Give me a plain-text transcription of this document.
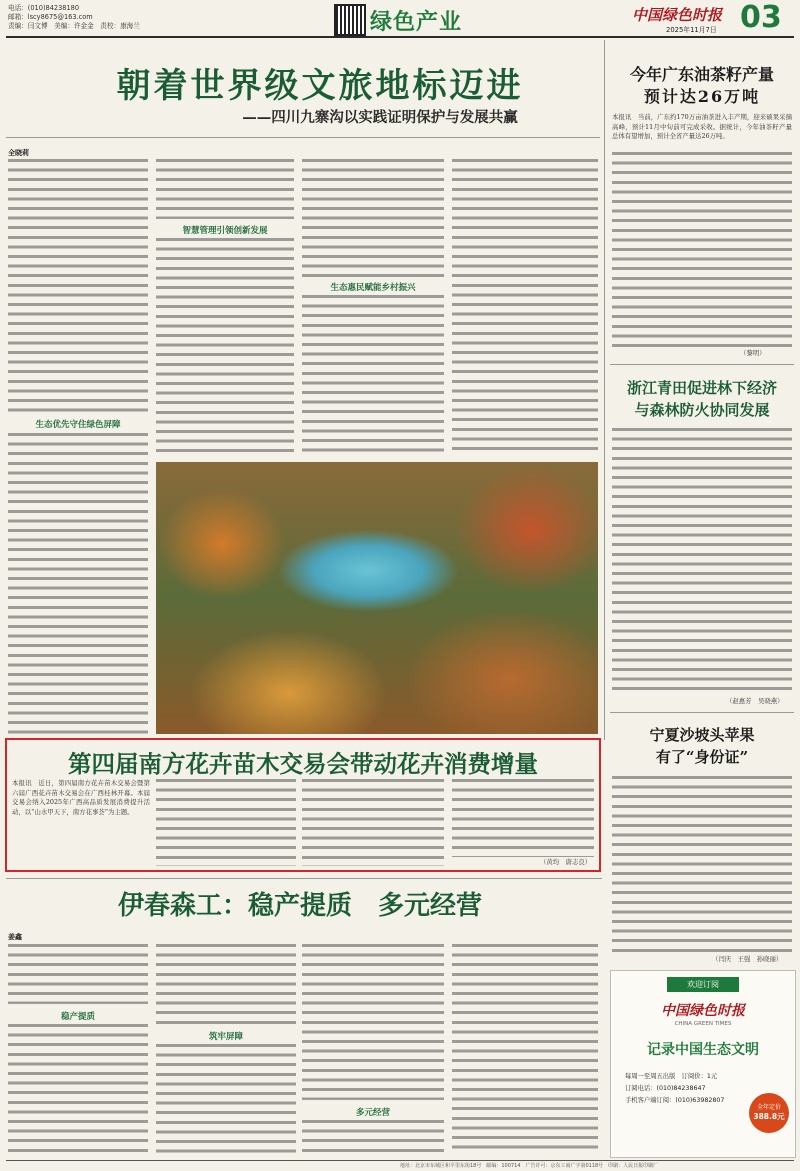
电话：(010)84238180
邮箱：lscy8675@163.com
责编：闫文博　美编：许金金　责校：康海兰	绿色产业	中国绿色时报 03
2025年11月7日
朝着世界级文旅地标迈进
——四川九寨沟以实践证明保护与发展共赢
全晓莉
生态优先守住绿色屏障
智慧管理引领创新发展
生态惠民赋能乡村振兴
今年广东油茶籽产量
预计达26万吨
本报讯　当前，广东约170万亩油茶进入丰产期，迎来硕果采摘高峰，预计11月中旬前可完成采收。据统计，今年油茶籽产量总体有望增加，预计全省产量达26万吨。
（黎明）
浙江青田促进林下经济
与森林防火协同发展
（赵惠芳　吴晓燕）
宁夏沙坡头苹果
有了“身份证”
（闫庆　王强　孙晓丽）
欢迎订阅
中国绿色时报
CHINA GREEN TIMES
记录中国生态文明
每周一至周五出版　订阅价：1元
订阅电话：(010)84238647
手机客户端订阅：(010)63982807
全年定价
388.8元
第四届南方花卉苗木交易会带动花卉消费增量
本报讯　近日，第四届南方花卉苗木交易会暨第六届广西花卉苗木交易会在广西桂林开幕。本届交易会纳入2025年广西高品质发展消费提升活动，以“山水甲天下，南方花事荟”为主题。
（黄均　唐志良）
伊春森工：稳产提质　多元经营
姜鑫
稳产提质
筑牢屏障
多元经营
地址：北京市东城区和平里东街18号　邮编：100714　广告许可：京东工商广字第0118号　印刷：人民日报印刷厂
